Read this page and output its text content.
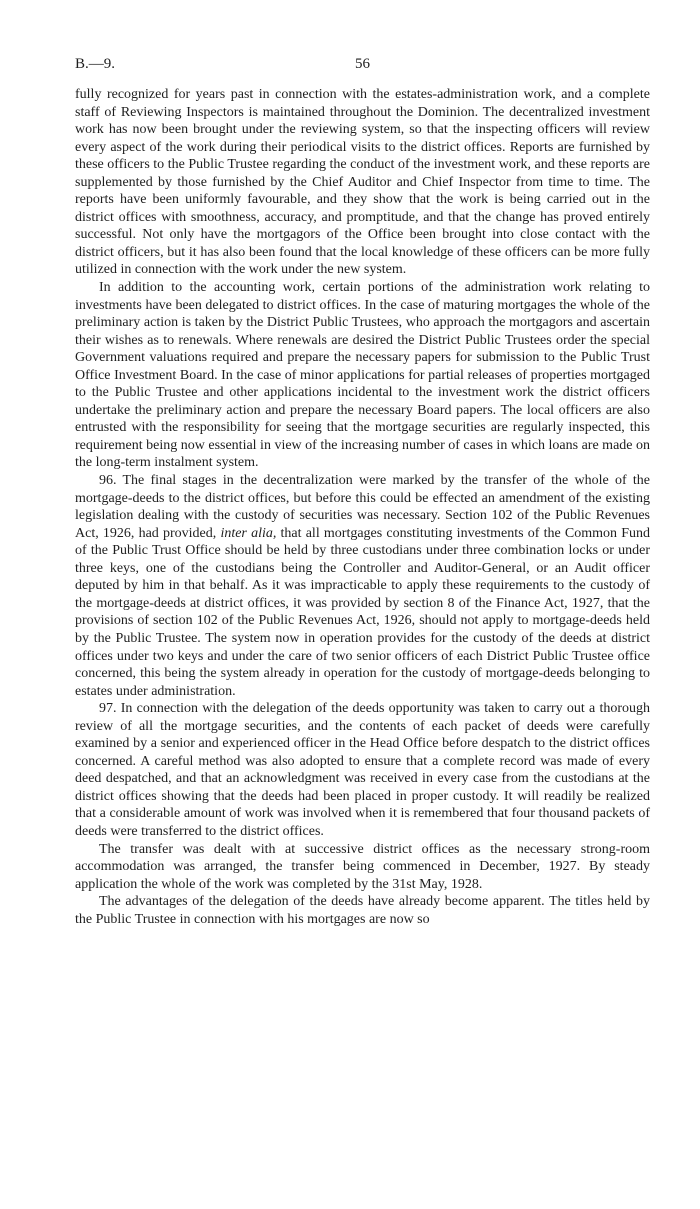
B.—9.	56

fully recognized for years past in connection with the estates-administration work, and a complete staff of Reviewing Inspectors is maintained throughout the Dominion. The decentralized investment work has now been brought under the reviewing system, so that the inspecting officers will review every aspect of the work during their periodical visits to the district offices. Reports are furnished by these officers to the Public Trustee regarding the conduct of the investment work, and these reports are supplemented by those furnished by the Chief Auditor and Chief Inspector from time to time. The reports have been uniformly favourable, and they show that the work is being carried out in the district offices with smoothness, accuracy, and promptitude, and that the change has proved entirely successful. Not only have the mortgagors of the Office been brought into close contact with the district officers, but it has also been found that the local knowledge of these officers can be more fully utilized in connection with the work under the new system.

In addition to the accounting work, certain portions of the administration work relating to investments have been delegated to district offices. In the case of maturing mortgages the whole of the preliminary action is taken by the District Public Trustees, who approach the mortgagors and ascertain their wishes as to renewals. Where renewals are desired the District Public Trustees order the special Government valuations required and prepare the necessary papers for submission to the Public Trust Office Investment Board. In the case of minor applications for partial releases of properties mortgaged to the Public Trustee and other applications incidental to the investment work the district officers undertake the preliminary action and prepare the necessary Board papers. The local officers are also entrusted with the responsibility for seeing that the mortgage securities are regularly inspected, this requirement being now essential in view of the increasing number of cases in which loans are made on the long-term instalment system.

96. The final stages in the decentralization were marked by the transfer of the whole of the mortgage-deeds to the district offices, but before this could be effected an amendment of the existing legislation dealing with the custody of securities was necessary. Section 102 of the Public Revenues Act, 1926, had provided, inter alia, that all mortgages constituting investments of the Common Fund of the Public Trust Office should be held by three custodians under three combination locks or under three keys, one of the custodians being the Controller and Auditor-General, or an Audit officer deputed by him in that behalf. As it was impracticable to apply these requirements to the custody of the mortgage-deeds at district offices, it was provided by section 8 of the Finance Act, 1927, that the provisions of section 102 of the Public Revenues Act, 1926, should not apply to mortgage-deeds held by the Public Trustee. The system now in operation provides for the custody of the deeds at district offices under two keys and under the care of two senior officers of each District Public Trustee office concerned, this being the system already in operation for the custody of mortgage-deeds belonging to estates under administration.

97. In connection with the delegation of the deeds opportunity was taken to carry out a thorough review of all the mortgage securities, and the contents of each packet of deeds were carefully examined by a senior and experienced officer in the Head Office before despatch to the district offices concerned. A careful method was also adopted to ensure that a complete record was made of every deed despatched, and that an acknowledgment was received in every case from the custodians at the district offices showing that the deeds had been placed in proper custody. It will readily be realized that a considerable amount of work was involved when it is remembered that four thousand packets of deeds were transferred to the district offices.

The transfer was dealt with at successive district offices as the necessary strong-room accommodation was arranged, the transfer being commenced in December, 1927. By steady application the whole of the work was completed by the 31st May, 1928.

The advantages of the delegation of the deeds have already become apparent. The titles held by the Public Trustee in connection with his mortgages are now so
